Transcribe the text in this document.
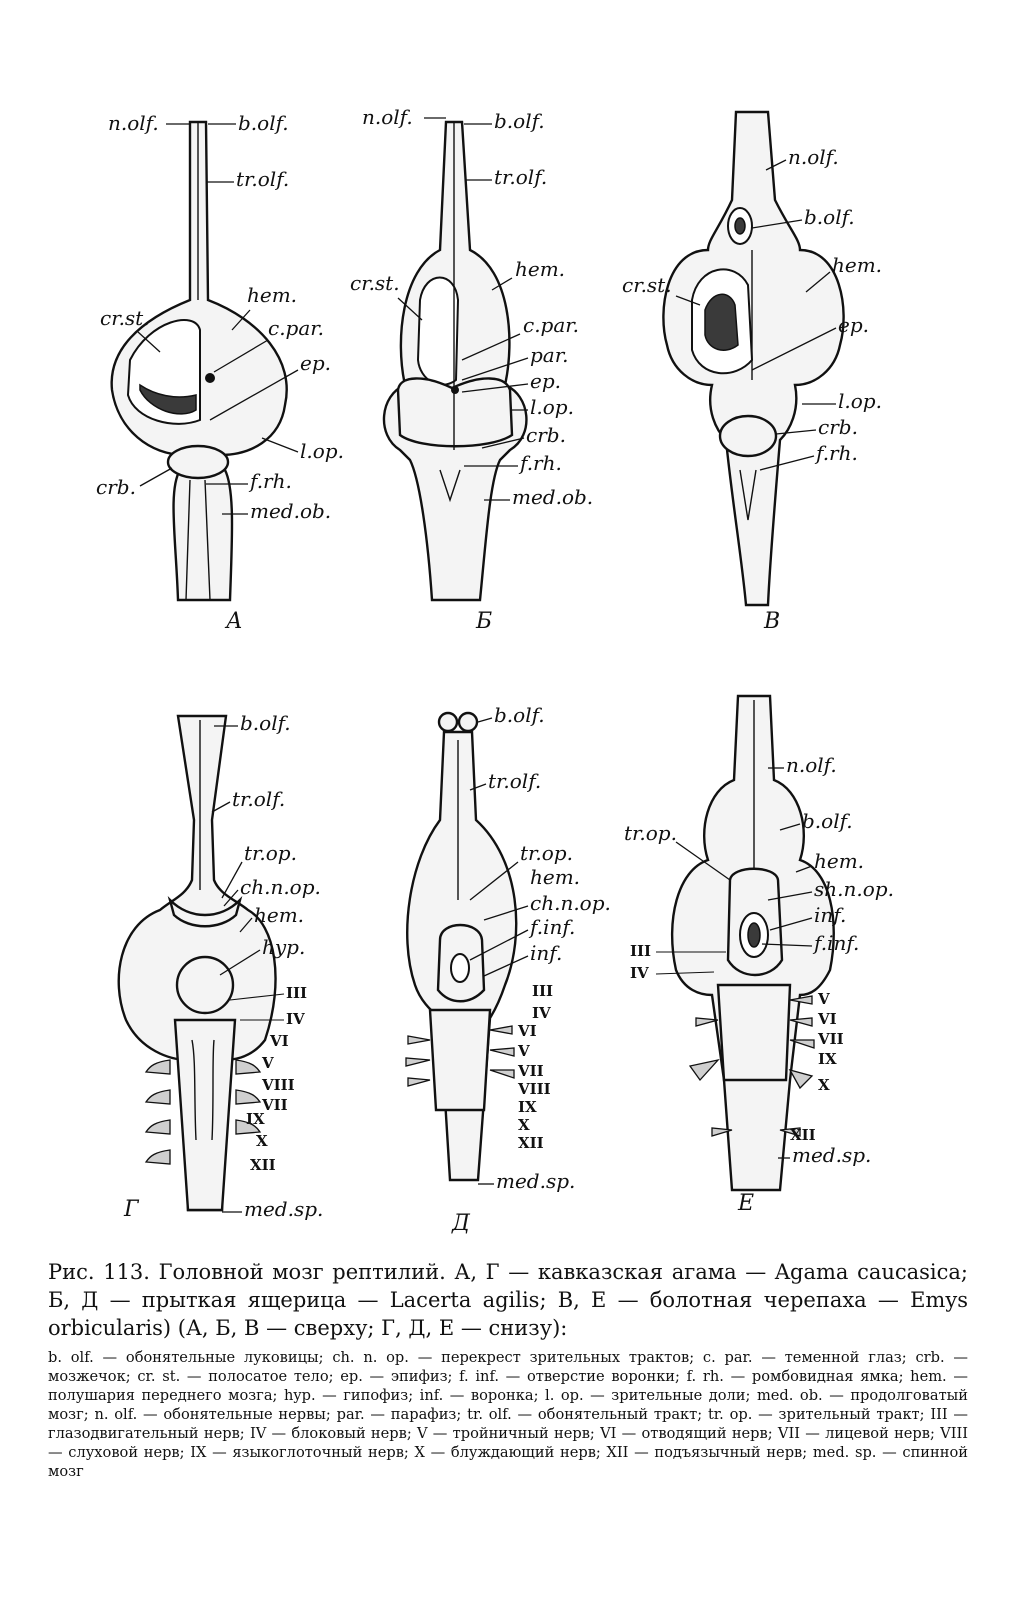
n.olf.	b.olf.
tr.olf.
hem.
cr.st.	c.par.
ep.
l.op.
crb.	f.rh.
med.ob.
А
n.olf.	b.olf.
tr.olf.
hem.
cr.st.
c.par.
par.
ep.
l.op.
crb.
f.rh.
med.ob.
Б
n.olf.
b.olf.
hem.
cr.st.
ep.
l.op.
crb.
f.rh.
В
b.olf.
tr.olf.
tr.op.
ch.n.op.
hem.
hyp.
III
IV
VI
V
VIII
VII
IX
X
XII
med.sp.
Г
b.olf.
tr.olf.
tr.op.
hem.
ch.n.op.
f.inf.
inf.
III
IV
VI
V
VII
VIII
IX
X
XII
med.sp.
Д
n.olf.
b.olf.
tr.op.
hem.
sh.n.op.
inf.
f.inf.
III
IV
V
VI
VII
IX
X
XII
med.sp.
Е

Рис. 113. Головной мозг рептилий. А, Г — кавказская агама — Agama caucasica; Б, Д — прыткая ящерица — Lacerta agilis; В, Е — болотная черепаха — Emys orbicularis) (А, Б, В — сверху; Г, Д, Е — снизу):

b. olf. — обонятельные луковицы; ch. n. op. — перекрест зрительных трактов; c. par. — теменной глаз; crb. — мозжечок; cr. st. — полосатое тело; ep. — эпифиз; f. inf. — отверстие воронки; f. rh. — ромбовидная ямка; hem. — полушария переднего мозга; hyp. — гипофиз; inf. — воронка; l. op. — зрительные доли; med. ob. — продолговатый мозг; n. olf. — обонятельные нервы; par. — парафиз; tr. olf. — обонятельный тракт; tr. op. — зрительный тракт; III — глазодвигательный нерв; IV — блоковый нерв; V — тройничный нерв; VI — отводящий нерв; VII — лицевой нерв; VIII — слуховой нерв; IX — языкоглоточный нерв; X — блуждающий нерв; XII — подъязычный нерв; med. sp. — спинной мозг
